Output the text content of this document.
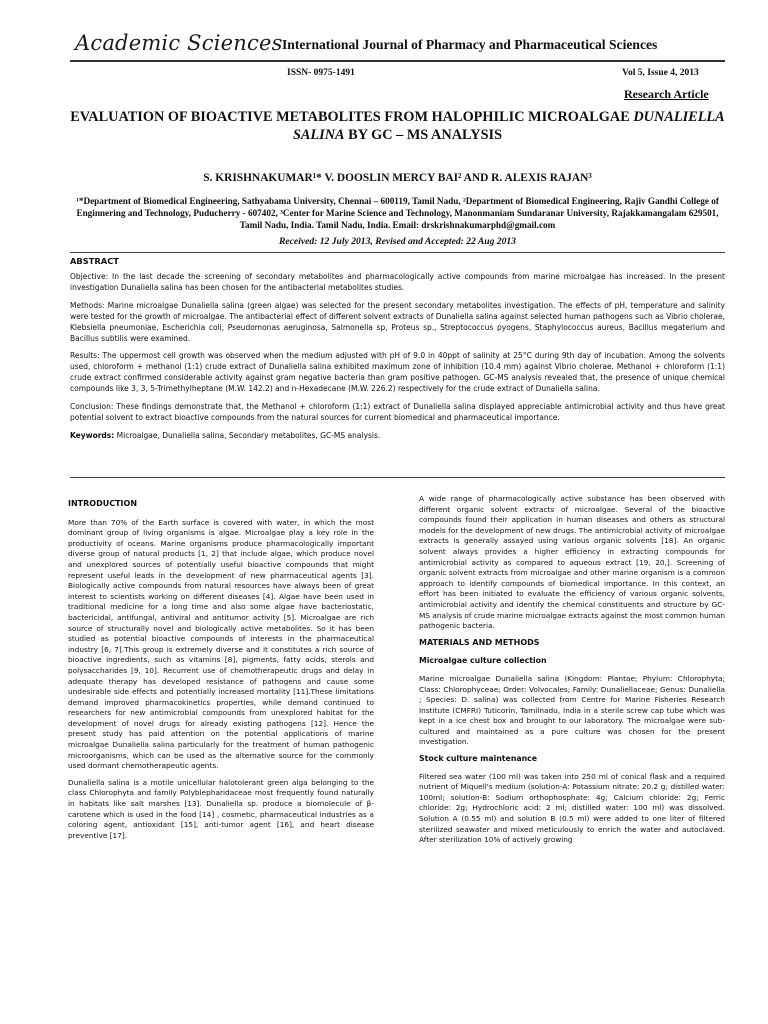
Academic Sciences International Journal of Pharmacy and Pharmaceutical Sciences
ISSN- 0975-1491	Vol 5, Issue 4, 2013
Research Article
EVALUATION OF BIOACTIVE METABOLITES FROM HALOPHILIC MICROALGAE DUNALIELLA SALINA BY GC – MS ANALYSIS
S. KRISHNAKUMAR¹* V. DOOSLIN MERCY BAI² AND R. ALEXIS RAJAN³
¹*Department of Biomedical Engineering, Sathyabama University, Chennai – 600119, Tamil Nadu, ²Department of Biomedical Engineering, Rajiv Gandhi College of Enginnering and Technology, Puducherry - 607402, ³Center for Marine Science and Technology, Manonmaniam Sundaranar University, Rajakkamangalam 629501, Tamil Nadu, India. Tamil Nadu, India. Email: drskrishnakumarphd@gmail.com
Received: 12 July 2013, Revised and Accepted: 22 Aug 2013
ABSTRACT

Objective: In the last decade the screening of secondary metabolites and pharmacologically active compounds from marine microalgae has increased. In the present investigation Dunaliella salina has been chosen for the antibacterial metabolites studies.

Methods: Marine microalgae Dunaliella salina (green algae) was selected for the present secondary metabolites investigation. The effects of pH, temperature and salinity were tested for the growth of microalgae. The antibacterial effect of different solvent extracts of Dunaliella salina against selected human pathogens such as Vibrio cholerae, Klebsiella pneumoniae, Escherichia coli, Pseudomonas aeruginosa, Salmonella sp, Proteus sp., Streptococcus pyogens, Staphylococcus aureus, Bacillus megaterium and Bacillus subtilis were examined.

Results: The uppermost cell growth was observed when the medium adjusted with pH of 9.0 in 40ppt of salinity at 25°C during 9th day of incubation. Among the solvents used, chloroform + methanol (1:1) crude extract of Dunaliella salina exhibited maximum zone of inhibition (10.4 mm) against Vibrio cholerae. Methanol + chloroform (1:1) crude extract confirmed considerable activity against gram negative bacteria than gram positive pathogen. GC-MS analysis revealed that, the presence of unique chemical compounds like 3, 3, 5-Trimethylheptane (M.W. 142.2) and n-Hexadecane (M.W. 226.2) respectively for the crude extract of Dunaliella salina.

Conclusion: These findings demonstrate that, the Methanol + chloroform (1:1) extract of Dunaliella salina displayed appreciable antimicrobial activity and thus have great potential solvent to extract bioactive compounds from the natural sources for current biomedical and pharmaceutical importance.

Keywords: Microalgae, Dunaliella salina, Secondary metabolites, GC-MS analysis.

INTRODUCTION

More than 70% of the Earth surface is covered with water, in which the most dominant group of living organisms is algae. Microalgae play a key role in the productivity of oceans. Marine organisms produce pharmacologically important diverse group of natural products [1, 2] that include algae, which produce novel and unexplored sources of potentially useful bioactive compounds that might represent useful leads in the development of new pharmaceutical agents [3]. Biologically active compounds from natural resources have always been of great interest to scientists working on different diseases [4]. Algae have been used in traditional medicine for a long time and also some algae have bacteriostatic, bactericidal, antifungal, antiviral and antitumor activity [5]. Microalgae are rich source of structurally novel and biologically active metabolites. So it has been studied as potential bioactive compounds of interests in the pharmaceutical industry [6, 7].This group is extremely diverse and it constitutes a rich source of bioactive ingredients, such as vitamins [8], pigments, fatty acids, sterols and polysaccharides [9, 10]. Recurrent use of chemotherapeutic drugs and delay in adequate therapy has developed resistance of pathogens and cause some undesirable side effects and potentially increased mortality [11].These limitations demand improved pharmacokinetics properties, while demand continued to researchers for new antimicrobial compounds from unexplored habitat for the development of novel drugs for already existing pathogens [12]. Hence the present study has paid attention on the potential applications of marine microalgae Dunaliella salina particularly for the treatment of human pathogenic microorganisms, which can be used as the alternative source for the commonly used dormant chemotherapeutic agents.

Dunaliella salina is a motile unicellular halotolerant green alga belonging to the class Chlorophyta and family Polyblepharidaceae most frequently found naturally in habitats like salt marshes [13]. Dunaliella sp. produce a biomolecule of β-carotene which is used in the food [14] , cosmetic, pharmaceutical industries as a coloring agent, antioxidant [15], anti-tumor agent [16], and heart disease preventive [17].

A wide range of pharmacologically active substance has been observed with different organic solvent extracts of microalgae. Several of the bioactive compounds found their application in human diseases and others as structural models for the development of new drugs. The antimicrobial activity of microalgae extracts is generally assayed using various organic solvents [18]. An organic solvent always provides a higher efficiency in extracting compounds for antimicrobial activity as compared to aqueous extract [19, 20,]. Screening of organic solvent extracts from microalgae and other marine organism is a common approach to identify compounds of biomedical importance. In this context, an effort has been initiated to evaluate the efficiency of various organic solvents, antimicrobial activity and identify the chemical constituents and structure by GC-MS analysis of crude marine microalgae extracts against the most common human pathogenic bacteria.

MATERIALS AND METHODS
Microalgae culture collection

Marine microalgae Dunaliella salina (Kingdom: Plantae; Phylum: Chlorophyta; Class: Chlorophyceae; Order: Volvocales; Family: Dunaliellaceae; Genus: Dunaliella ; Species: D. salina) was collected from Centre for Marine Fisheries Research Institute (CMFRI) Tuticorin, Tamilnadu, India in a sterile screw cap tube which was kept in a ice chest box and brought to our laboratory. The microalgae were sub-cultured and maintained as a pure culture was chosen for the present investigation.

Stock culture maintenance

Filtered sea water (100 ml) was taken into 250 ml of conical flask and a required nutrient of Miquell's medium (solution-A: Potassium nitrate: 20.2 g; distilled water: 100ml; solution-B: Sodium orthophosphate: 4g; Calcium chloride: 2g; Ferric chloride: 2g; Hydrochloric acid: 2 ml; distilled water: 100 ml) was dissolved. Solution A (0.55 ml) and solution B (0.5 ml) were added to one liter of filtered sterilized seawater and mixed meticulously to enrich the water and autoclaved. After sterilization 10% of actively growing
